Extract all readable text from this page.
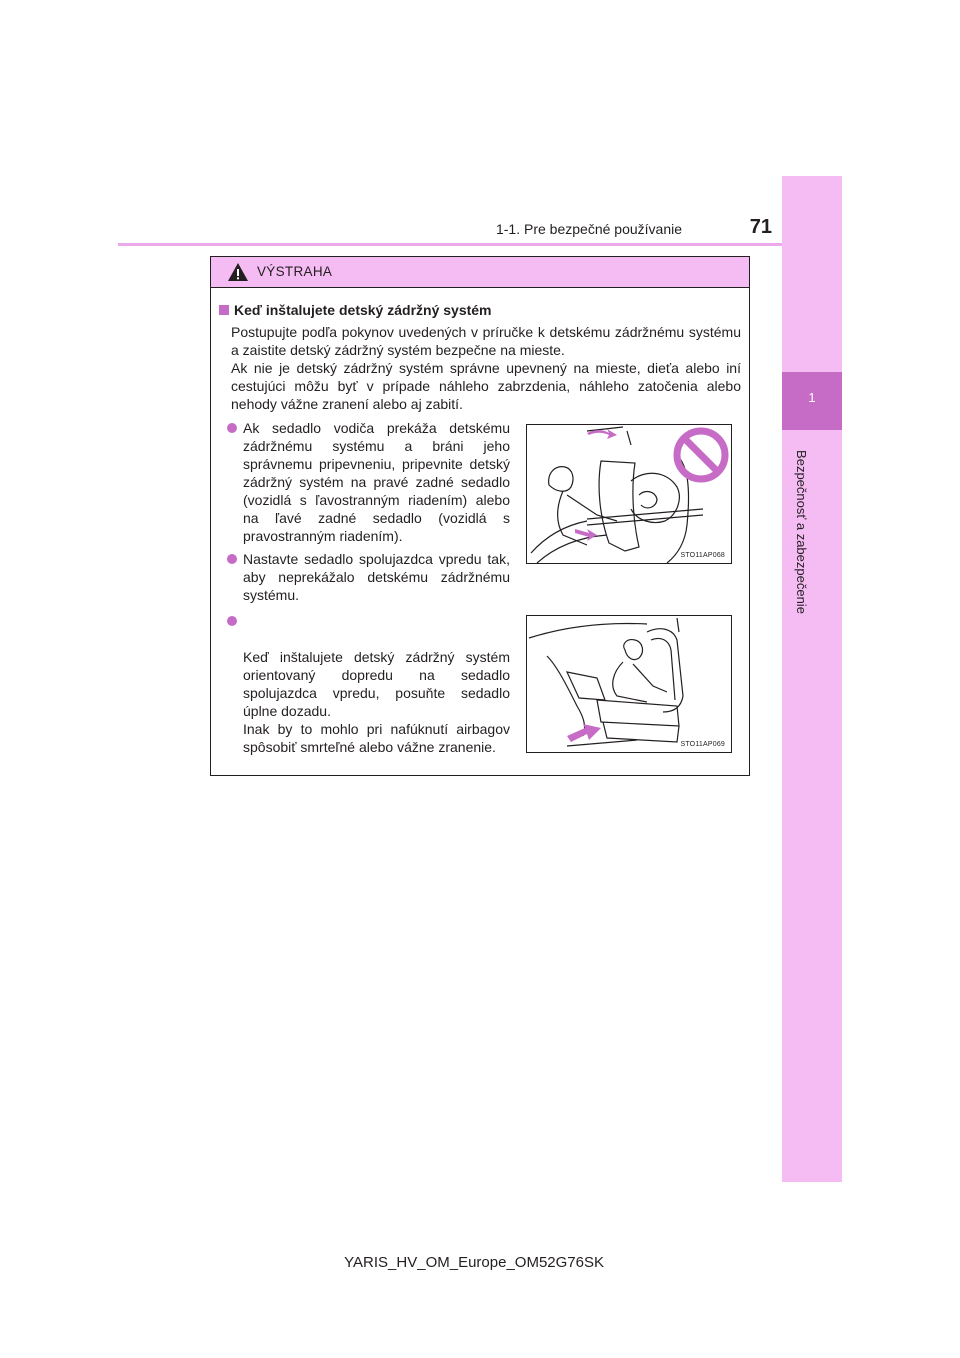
1-1. Pre bezpečné používanie	71
1
Bezpečnosť a zabezpečenie
VÝSTRAHA
Keď inštalujete detský zádržný systém
Postupujte podľa pokynov uvedených v príručke k detskému zádržnému systému a zaistite detský zádržný systém bezpečne na mieste.
Ak nie je detský zádržný systém správne upevnený na mieste, dieťa alebo iní cestujúci môžu byť v prípade náhleho zabrzdenia, náhleho zatočenia alebo nehody vážne zranení alebo aj zabití.
Ak sedadlo vodiča prekáža detskému zádržnému systému a bráni jeho správnemu pripevneniu, pripevnite detský zádržný systém na pravé zadné sedadlo (vozidlá s ľavostranným riadením) alebo na ľavé zadné sedadlo (vozidlá s pravostranným riadením).
Nastavte sedadlo spolujazdca vpredu tak, aby neprekážalo detskému zádržnému systému.

Keď inštalujete detský zádržný systém orientovaný dopredu na sedadlo spolujazdca vpredu, posuňte sedadlo úplne dozadu.
Inak by to mohlo pri nafúknutí airbagov spôsobiť smrteľné alebo vážne zranenie.

STO11AP068
STO11AP069
YARIS_HV_OM_Europe_OM52G76SK
